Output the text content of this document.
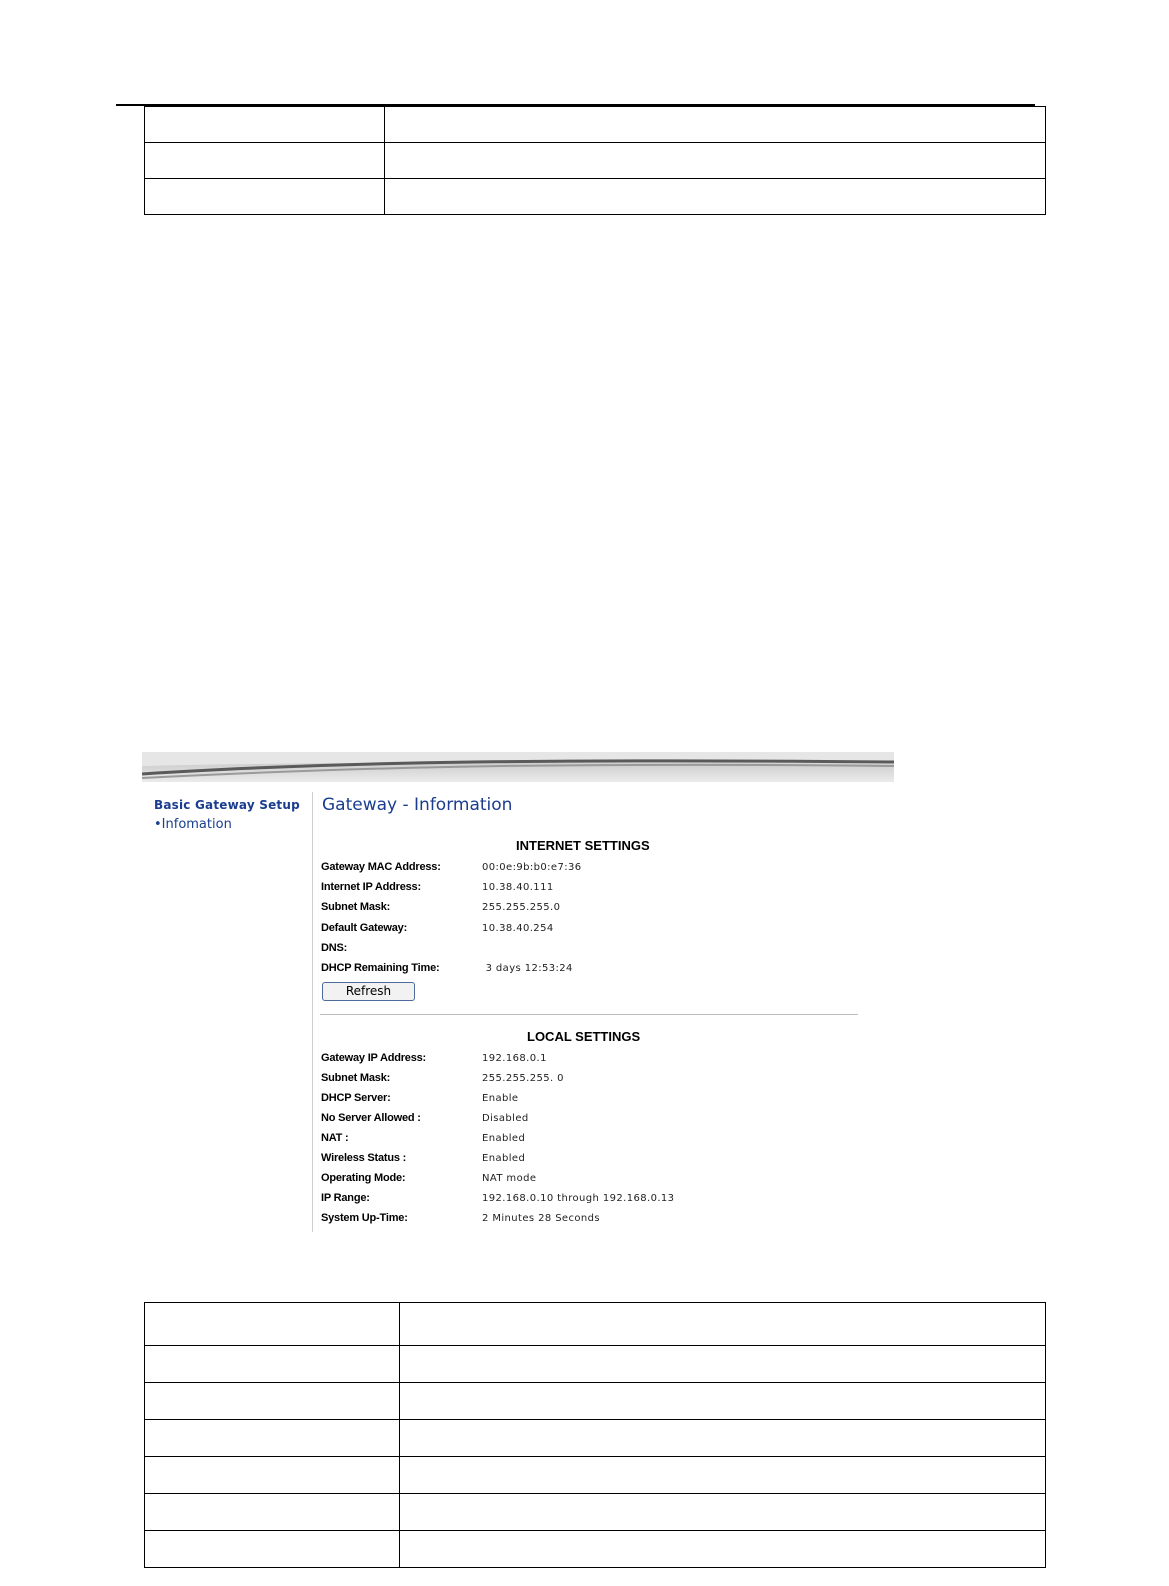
Basic Gateway Setup
•Infomation
Gateway - Information
INTERNET SETTINGS
Gateway MAC Address:	00:0e:9b:b0:e7:36
Internet IP Address:	10.38.40.111
Subnet Mask:	255.255.255.0
Default Gateway:	10.38.40.254
DNS:
DHCP Remaining Time:	3 days 12:53:24
Refresh
LOCAL SETTINGS
Gateway IP Address:	192.168.0.1
Subnet Mask:	255.255.255. 0
DHCP Server:	Enable
No Server Allowed :	Disabled
NAT :	Enabled
Wireless Status :	Enabled
Operating Mode:	NAT mode
IP Range:	192.168.0.10 through 192.168.0.13
System Up-Time:	2 Minutes 28 Seconds
